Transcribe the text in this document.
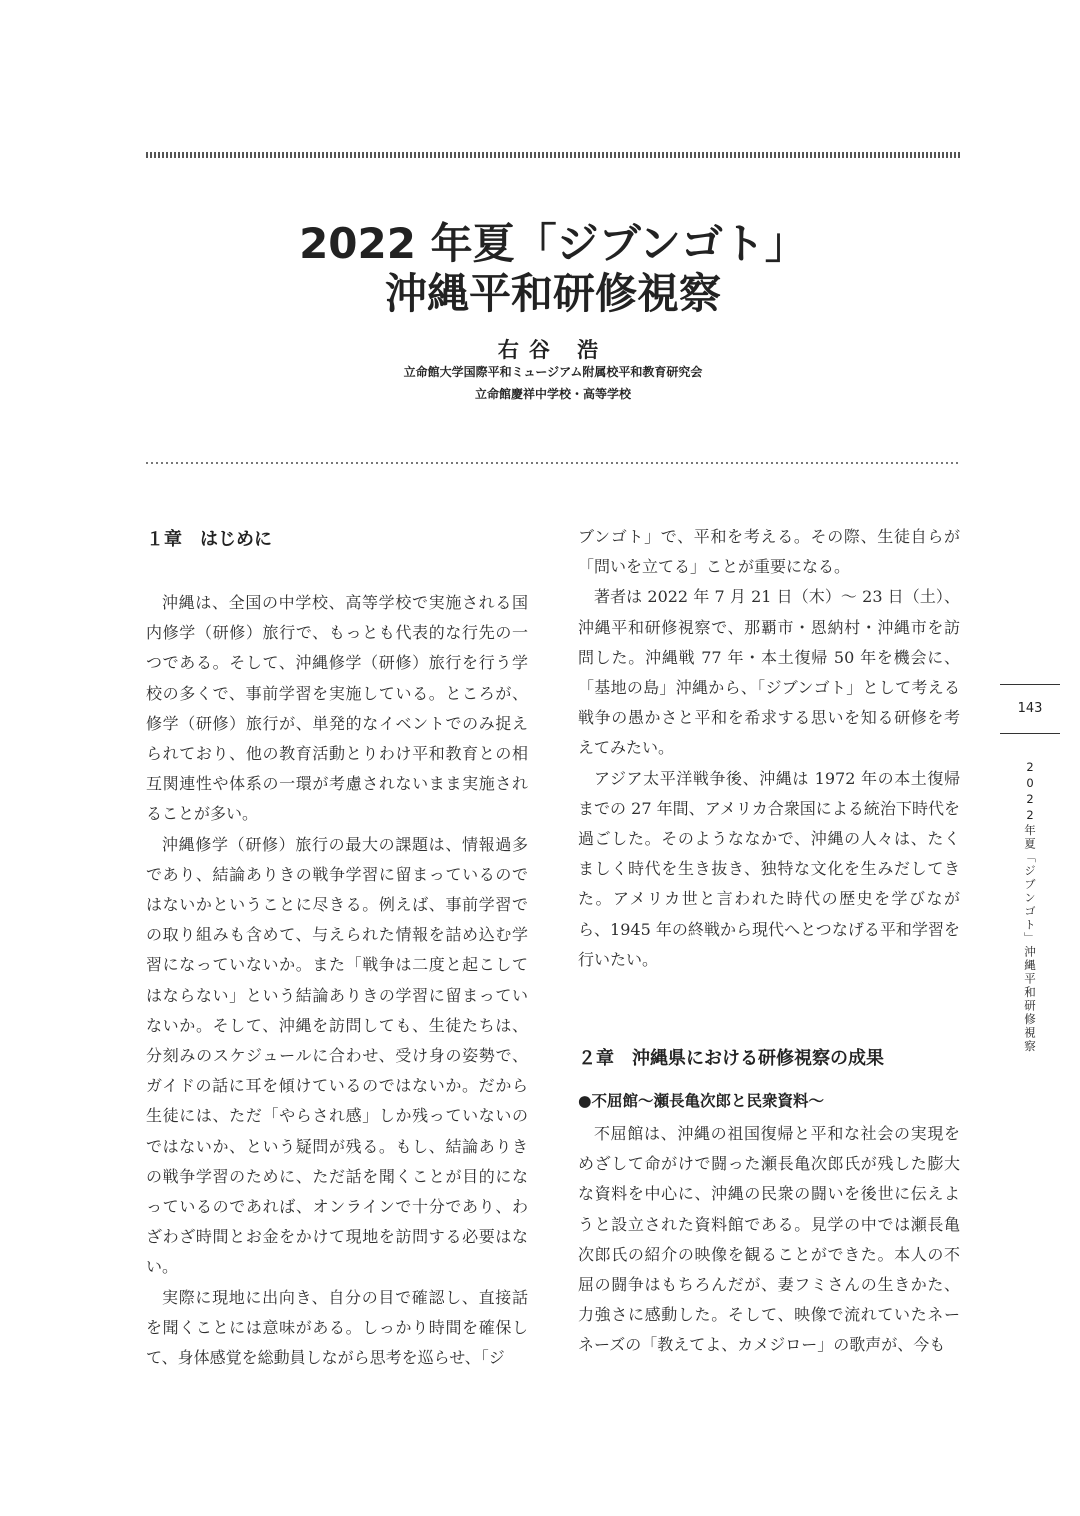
2022 年夏「ジブンゴト」
沖縄平和研修視察
右谷 浩
立命館大学国際平和ミュージアム附属校平和教育研究会
立命館慶祥中学校・高等学校
１章　はじめに

沖縄は、全国の中学校、高等学校で実施される国内修学（研修）旅行で、もっとも代表的な行先の一つである。そして、沖縄修学（研修）旅行を行う学校の多くで、事前学習を実施している。ところが、修学（研修）旅行が、単発的なイベントでのみ捉えられており、他の教育活動とりわけ平和教育との相互関連性や体系の一環が考慮されないまま実施されることが多い。

沖縄修学（研修）旅行の最大の課題は、情報過多であり、結論ありきの戦争学習に留まっているのではないかということに尽きる。例えば、事前学習での取り組みも含めて、与えられた情報を詰め込む学習になっていないか。また「戦争は二度と起こしてはならない」という結論ありきの学習に留まっていないか。そして、沖縄を訪問しても、生徒たちは、分刻みのスケジュールに合わせ、受け身の姿勢で、ガイドの話に耳を傾けているのではないか。だから生徒には、ただ「やらされ感」しか残っていないのではないか、という疑問が残る。もし、結論ありきの戦争学習のために、ただ話を聞くことが目的になっているのであれば、オンラインで十分であり、わざわざ時間とお金をかけて現地を訪問する必要はない。

実際に現地に出向き、自分の目で確認し、直接話を聞くことには意味がある。しっかり時間を確保して、身体感覚を総動員しながら思考を巡らせ、「ジ

ブンゴト」で、平和を考える。その際、生徒自らが「問いを立てる」ことが重要になる。

著者は 2022 年 7 月 21 日（木）〜 23 日（土）、沖縄平和研修視察で、那覇市・恩納村・沖縄市を訪問した。沖縄戦 77 年・本土復帰 50 年を機会に、「基地の島」沖縄から、「ジブンゴト」として考える戦争の愚かさと平和を希求する思いを知る研修を考えてみたい。

アジア太平洋戦争後、沖縄は 1972 年の本土復帰までの 27 年間、アメリカ合衆国による統治下時代を過ごした。そのようななかで、沖縄の人々は、たくましく時代を生き抜き、独特な文化を生みだしてきた。アメリカ世と言われた時代の歴史を学びながら、1945 年の終戦から現代へとつなげる平和学習を行いたい。

２章　沖縄県における研修視察の成果
●不屈館〜瀬長亀次郎と民衆資料〜

不屈館は、沖縄の祖国復帰と平和な社会の実現をめざして命がけで闘った瀬長亀次郎氏が残した膨大な資料を中心に、沖縄の民衆の闘いを後世に伝えようと設立された資料館である。見学の中では瀬長亀次郎氏の紹介の映像を観ることができた。本人の不屈の闘争はもちろんだが、妻フミさんの生きかた、力強さに感動した。そして、映像で流れていたネーネーズの「教えてよ、カメジロー」の歌声が、今も

143
2022年夏「ジブンゴト」沖縄平和研修視察
